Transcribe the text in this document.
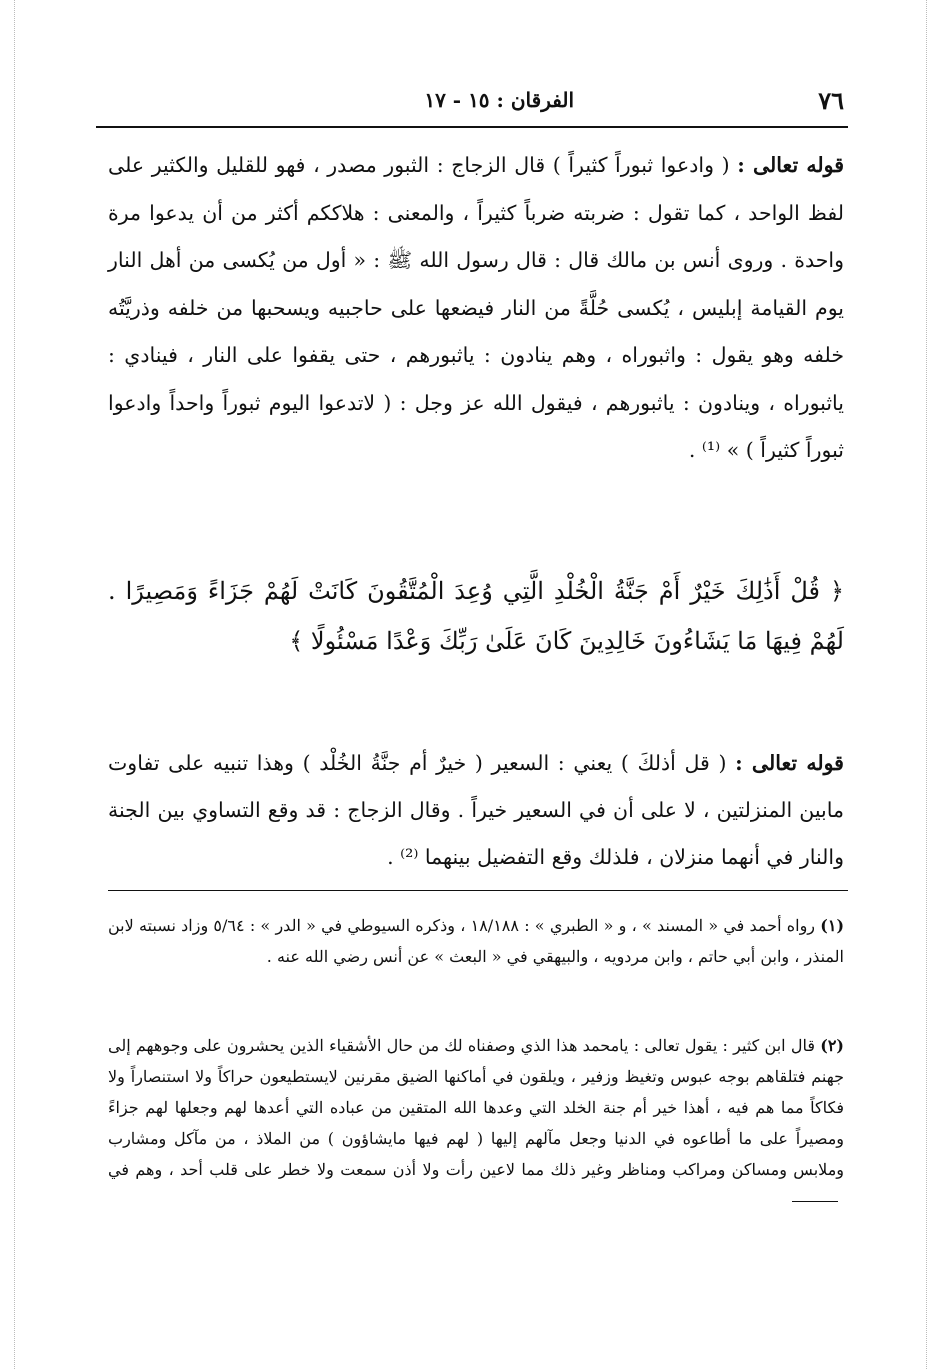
٧٦
الفرقان : ١٥ - ١٧
قوله تعالى : ( وادعوا ثبوراً كثيراً ) قال الزجاج : الثبور مصدر ، فهو للقليل والكثير على لفظ الواحد ، كما تقول : ضربته ضرباً كثيراً ، والمعنى : هلاككم أكثر من أن يدعوا مرة واحدة . وروى أنس بن مالك قال : قال رسول الله ﷺ : « أول من يُكسى من أهل النار يوم القيامة إبليس ، يُكسى حُلَّةً من النار فيضعها على حاجبيه ويسحبها من خلفه وذريَّتُه خلفه وهو يقول : واثبوراه ، وهم ينادون : ياثبورهم ، حتى يقفوا على النار ، فينادي : ياثبوراه ، وينادون : ياثبورهم ، فيقول الله عز وجل : ( لاتدعوا اليوم ثبوراً واحداً وادعوا ثبوراً كثيراً ) » ⁽¹⁾ .
﴿ قُلْ أَذَٰلِكَ خَيْرٌ أَمْ جَنَّةُ الْخُلْدِ الَّتِي وُعِدَ الْمُتَّقُونَ كَانَتْ لَهُمْ جَزَاءً وَمَصِيرًا . لَهُمْ فِيهَا مَا يَشَاءُونَ خَالِدِينَ كَانَ عَلَىٰ رَبِّكَ وَعْدًا مَسْئُولًا ﴾
قوله تعالى : ( قل أذلكَ ) يعني : السعير ( خيرٌ أم جنَّةُ الخُلْد ) وهذا تنبيه على تفاوت مابين المنزلتين ، لا على أن في السعير خيراً . وقال الزجاج : قد وقع التساوي بين الجنة والنار في أنهما منزلان ، فلذلك وقع التفضيل بينهما ⁽²⁾ .
(١) رواه أحمد في « المسند » ، و « الطبري » : ١٨/١٨٨ ، وذكره السيوطي في « الدر » : ٥/٦٤ وزاد نسبته لابن المنذر ، وابن أبي حاتم ، وابن مردويه ، والبيهقي في « البعث » عن أنس رضي الله عنه .
(٢) قال ابن كثير : يقول تعالى : يامحمد هذا الذي وصفناه لك من حال الأشقياء الذين يحشرون على وجوههم إلى جهنم فتلقاهم بوجه عبوس وتغيظ وزفير ، ويلقون في أماكنها الضيق مقرنين لايستطيعون حراكاً ولا استنصاراً ولا فكاكاً مما هم فيه ، أهذا خير أم جنة الخلد التي وعدها الله المتقين من عباده التي أعدها لهم وجعلها لهم جزاءً ومصيراً على ما أطاعوه في الدنيا وجعل مآلهم إليها ( لهم فيها مايشاؤون ) من الملاذ ، من مآكل ومشارب وملابس ومساكن ومراكب ومناظر وغير ذلك مما لاعين رأت ولا أذن سمعت ولا خطر على قلب أحد ، وهم في
